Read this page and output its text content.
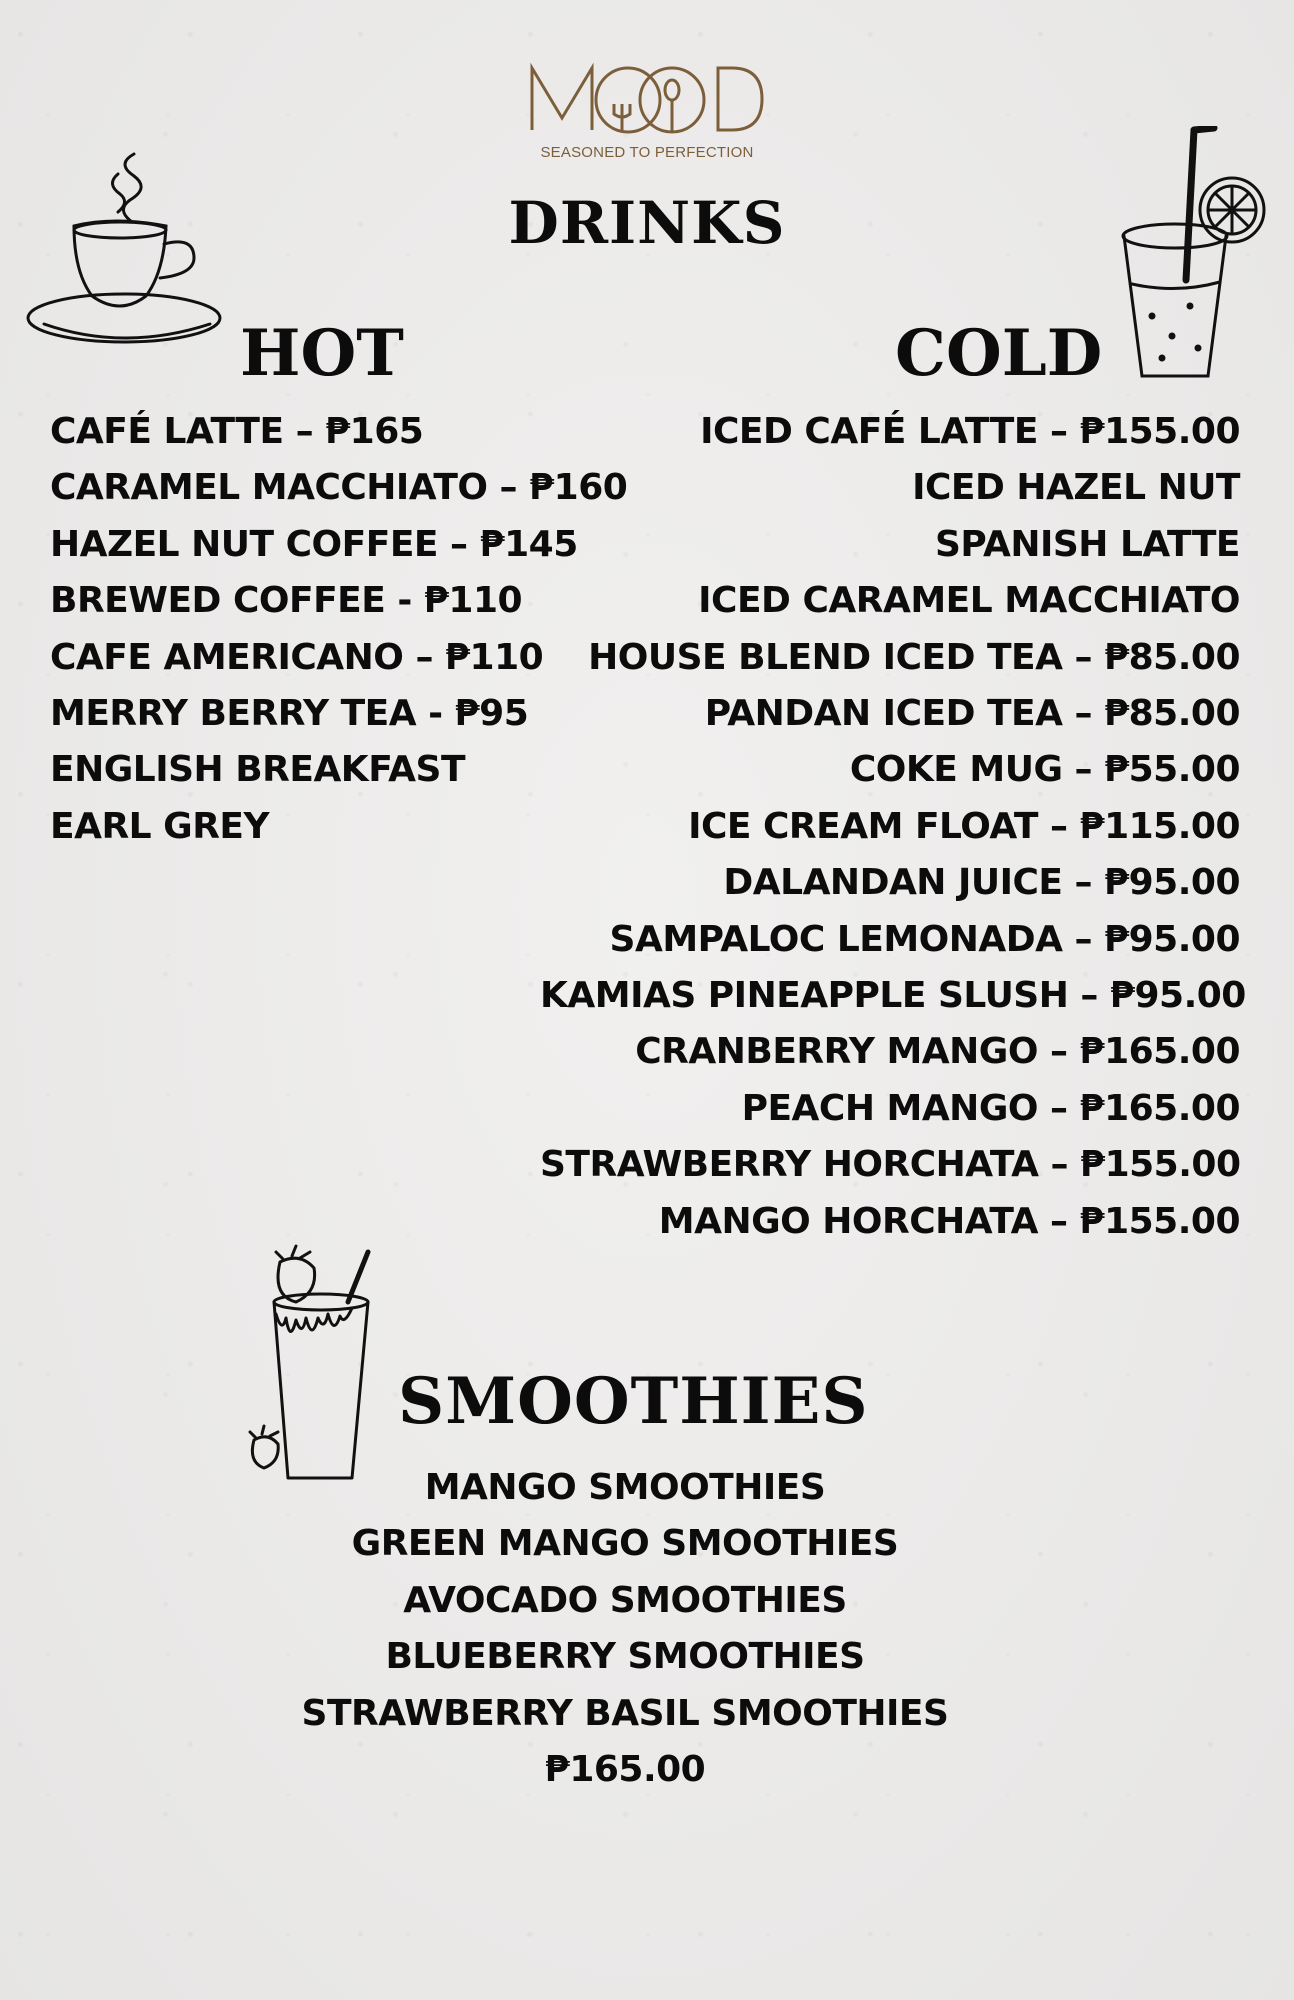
SEASONED TO PERFECTION
DRINKS
HOT	COLD
CAFÉ LATTE – ₱165
CARAMEL MACCHIATO – ₱160
HAZEL NUT COFFEE – ₱145
BREWED COFFEE - ₱110
CAFE AMERICANO – ₱110
MERRY BERRY TEA - ₱95
ENGLISH BREAKFAST
EARL GREY
ICED CAFÉ LATTE – ₱155.00
ICED HAZEL NUT
SPANISH LATTE
ICED CARAMEL MACCHIATO
HOUSE BLEND ICED TEA – ₱85.00
PANDAN ICED TEA – ₱85.00
COKE MUG – ₱55.00
ICE CREAM FLOAT – ₱115.00
DALANDAN JUICE – ₱95.00
SAMPALOC LEMONADA – ₱95.00
KAMIAS PINEAPPLE SLUSH – ₱95.00
CRANBERRY MANGO – ₱165.00
PEACH MANGO – ₱165.00
STRAWBERRY HORCHATA – ₱155.00
MANGO HORCHATA – ₱155.00
SMOOTHIES
MANGO SMOOTHIES
GREEN MANGO SMOOTHIES
AVOCADO SMOOTHIES
BLUEBERRY SMOOTHIES
STRAWBERRY BASIL SMOOTHIES
₱165.00
